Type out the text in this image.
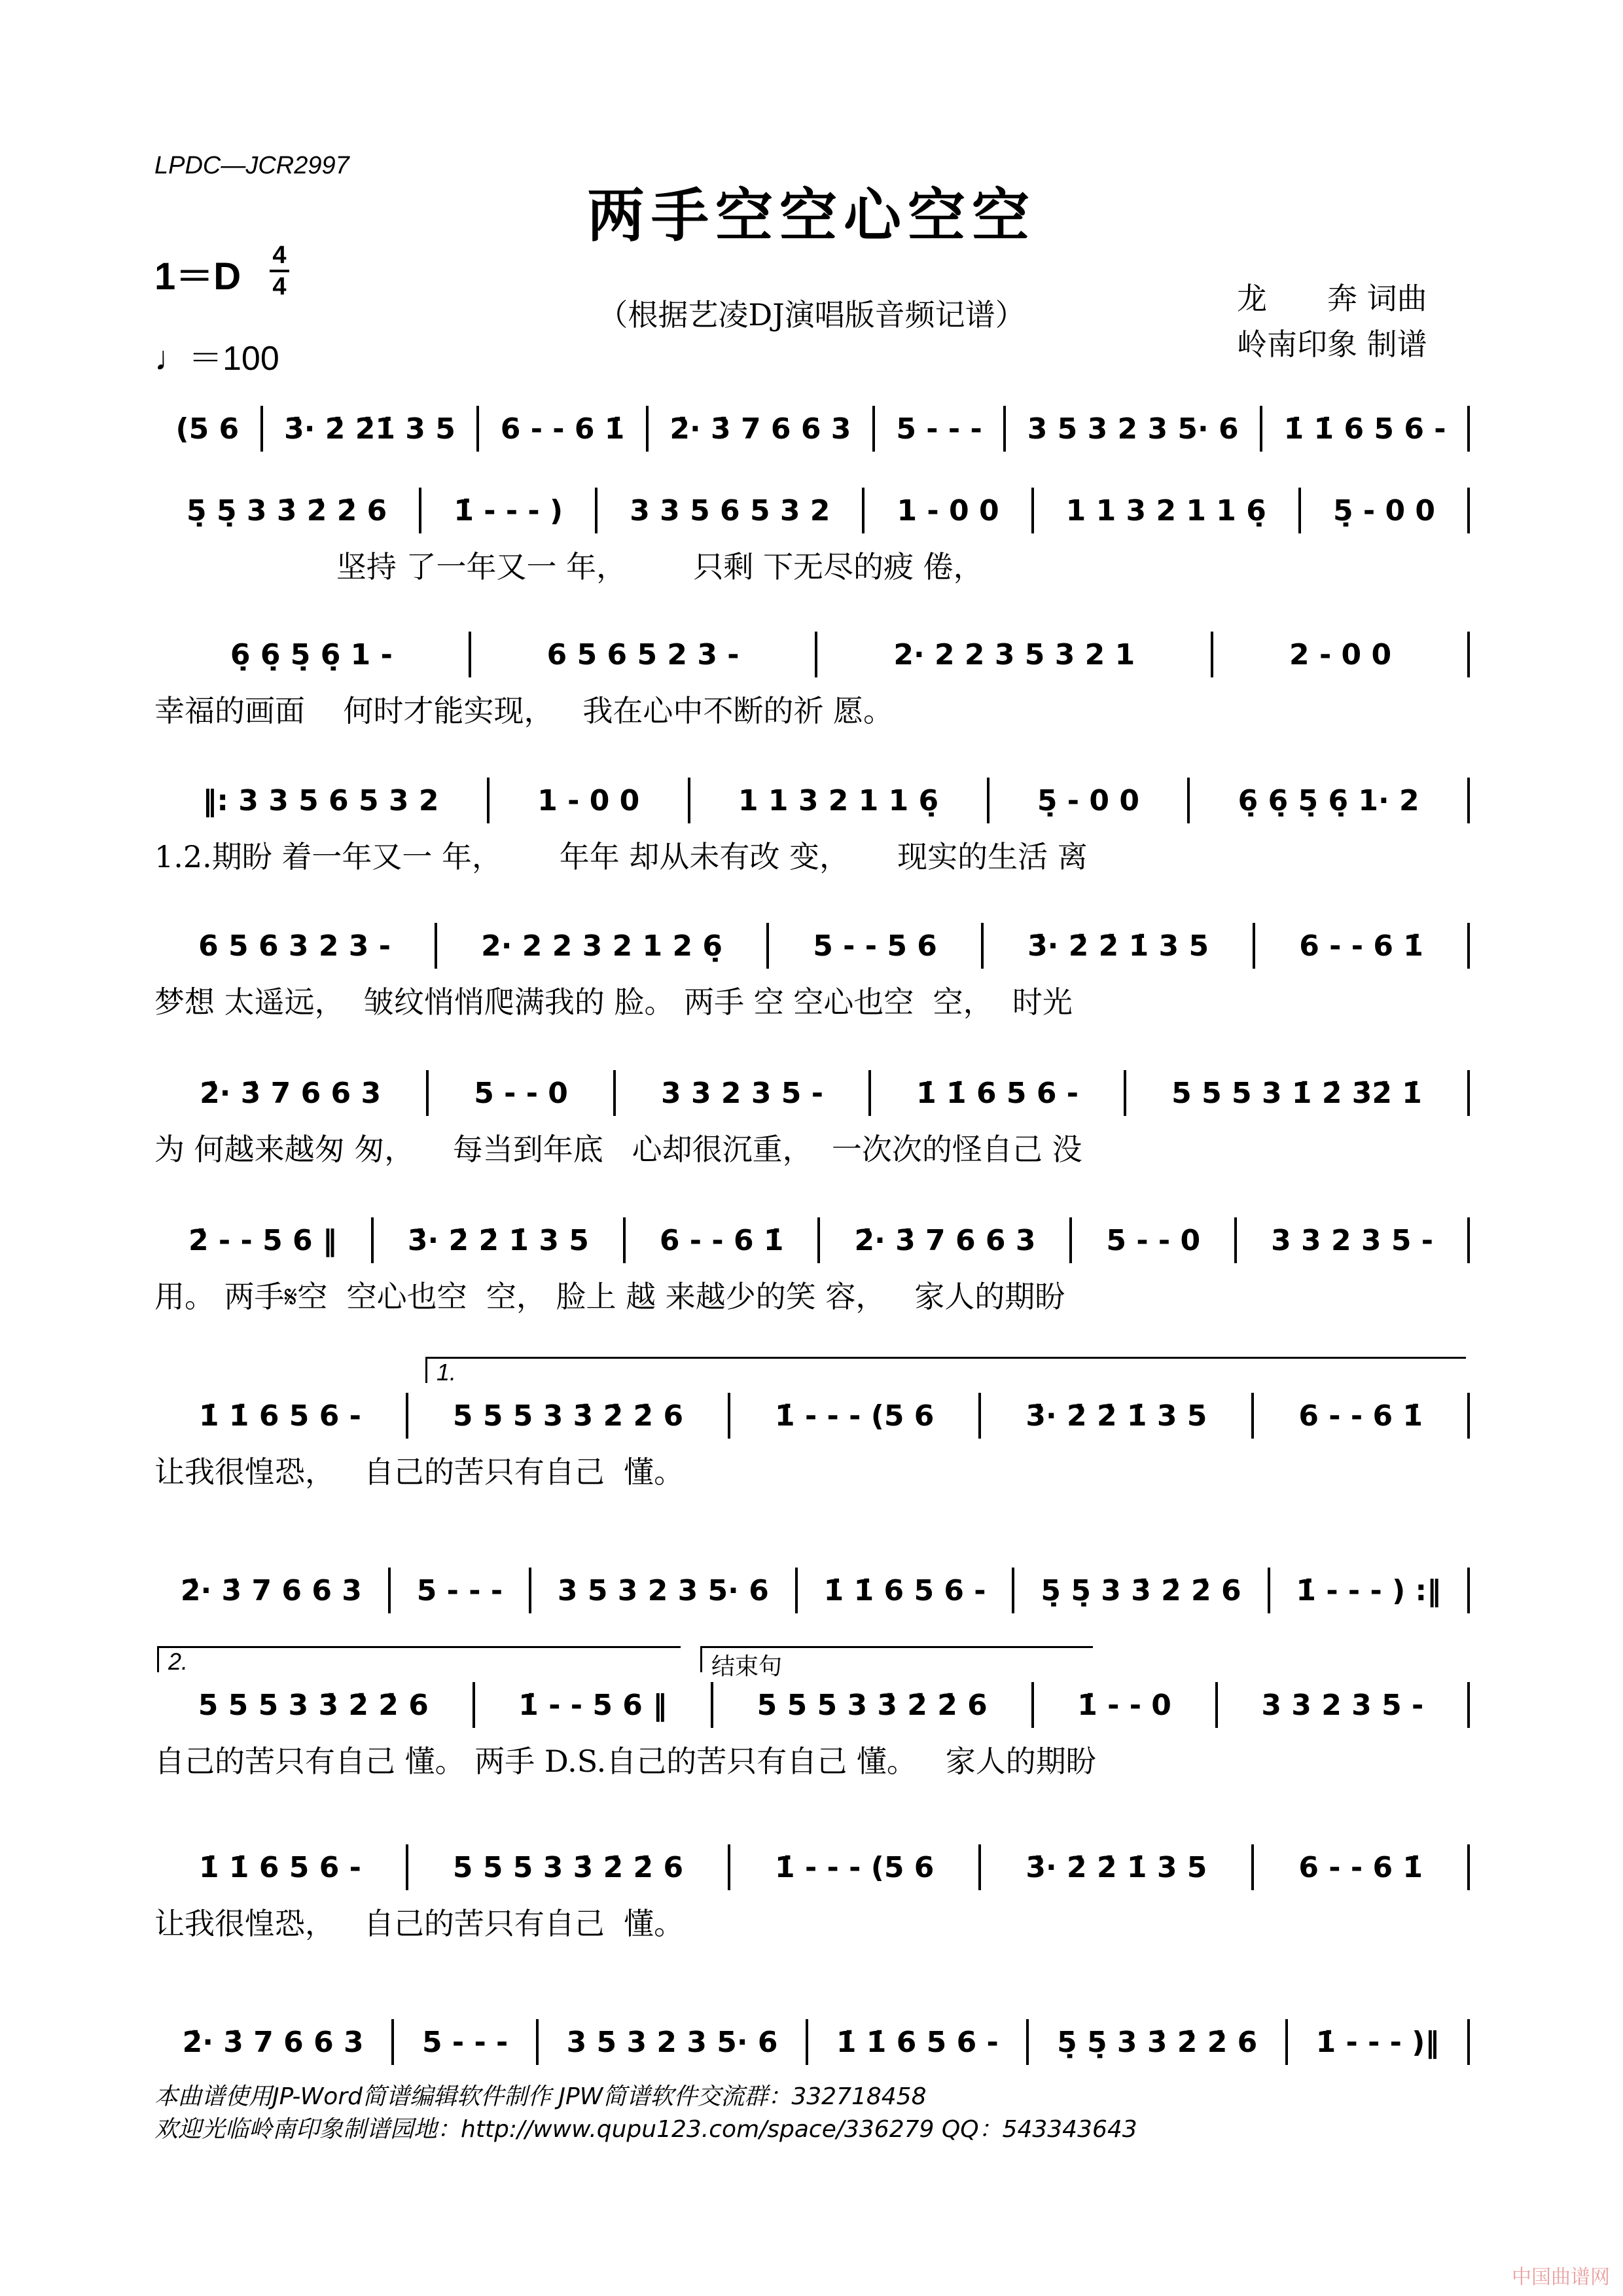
LPDC—JCR2997
两手空空心空空
1＝D 4
4
♩＝100
（根据艺凌DJ演唱版音频记谱）	龙　　奔 词曲
岭南印象 制谱
(5 6	3̇· 2̇ 2̇1̇ 3 5	6 - - 6 1̇	2̇· 3̇ 7 6 6 3	5 - - -	3 5 3 2 3 5· 6	1̇ 1̇ 6 5 6 -
5̣ 5̣ 3 3̇ 2̇ 2̇ 6	1̇ - - - )	3 3 5 6 5 3 2	1 - 0 0	1 1 3 2 1 1 6̣	5̣ - 0 0
坚持 了一年又一 年，       只剩 下无尽的疲 倦，
6̣ 6̣ 5̣ 6̣ 1 -	6 5 6 5 2 3 -	2· 2 2 3 5 3 2 1	2 - 0 0
幸福的画面    何时才能实现，   我在心中不断的祈 愿。
‖: 3 3 5 6 5 3 2	1 - 0 0	1 1 3 2 1 1 6̣	5̣ - 0 0	6̣ 6̣ 5̣ 6̣ 1· 2
1.2.期盼 着一年又一 年，      年年 却从未有改 变，     现实的生活 离
6 5 6 3 2 3 -	2· 2 2 3 2 1 2 6̣	5 - - 5 6	3̇· 2̇ 2̇ 1̇ 3 5	6 - - 6 1̇
梦想 太遥远，  皱纹悄悄爬满我的 脸。 两手 空 空心也空  空，  时光
2̇· 3̇ 7 6 6 3	5 - - 0	3 3 2 3 5 -	1̇ 1̇ 6 5 6 -	5 5 5 3 1̇ 2̇ 3̇2̇ 1̇
为 何越来越匆 匆，    每当到年底   心却很沉重，  一次次的怪自己 没
2̇ - - 5 6 ‖	3̇· 2̇ 2̇ 1̇ 3 5	6 - - 6 1̇	2̇· 3̇ 7 6 6 3	5 - - 0	3 3 2 3 5 -
用。 两手𝄋空  空心也空  空， 脸上 越 来越少的笑 容，   家人的期盼
1̇ 1̇ 6 5 6 -	5 5 5 3 3̇ 2̇ 2̇ 6	1̇ - - - (5 6	3̇· 2̇ 2̇ 1̇ 3 5	6 - - 6 1̇
让我很惶恐，   自己的苦只有自己  懂。
1.
2̇· 3̇ 7 6 6 3	5 - - -	3 5 3 2 3 5· 6	1̇ 1̇ 6 5 6 -	5̣ 5̣ 3 3̇ 2̇ 2̇ 6	1̇ - - - ) :‖
5 5 5 3 3̇ 2̇ 2̇ 6	1̇ - - 5 6 ‖	5 5 5 3 3̇ 2̇ 2̇ 6	1̇ - - 0	3 3 2 3 5 -
自己的苦只有自己 懂。 两手 D.S.自己的苦只有自己 懂。   家人的期盼
2.	结束句
1̇ 1̇ 6 5 6 -	5 5 5 3 3̇ 2̇ 2̇ 6	1̇ - - - (5 6	3̇· 2̇ 2̇ 1̇ 3 5	6 - - 6 1̇
让我很惶恐，   自己的苦只有自己  懂。
2̇· 3̇ 7 6 6 3	5 - - -	3 5 3 2 3 5· 6	1̇ 1̇ 6 5 6 -	5̣ 5̣ 3 3̇ 2̇ 2̇ 6	1̇ - - - )‖
本曲谱使用JP-Word简谱编辑软件制作 JPW简谱软件交流群：332718458
欢迎光临岭南印象制谱园地：http://www.qupu123.com/space/336279 QQ：543343643
中国曲谱网
